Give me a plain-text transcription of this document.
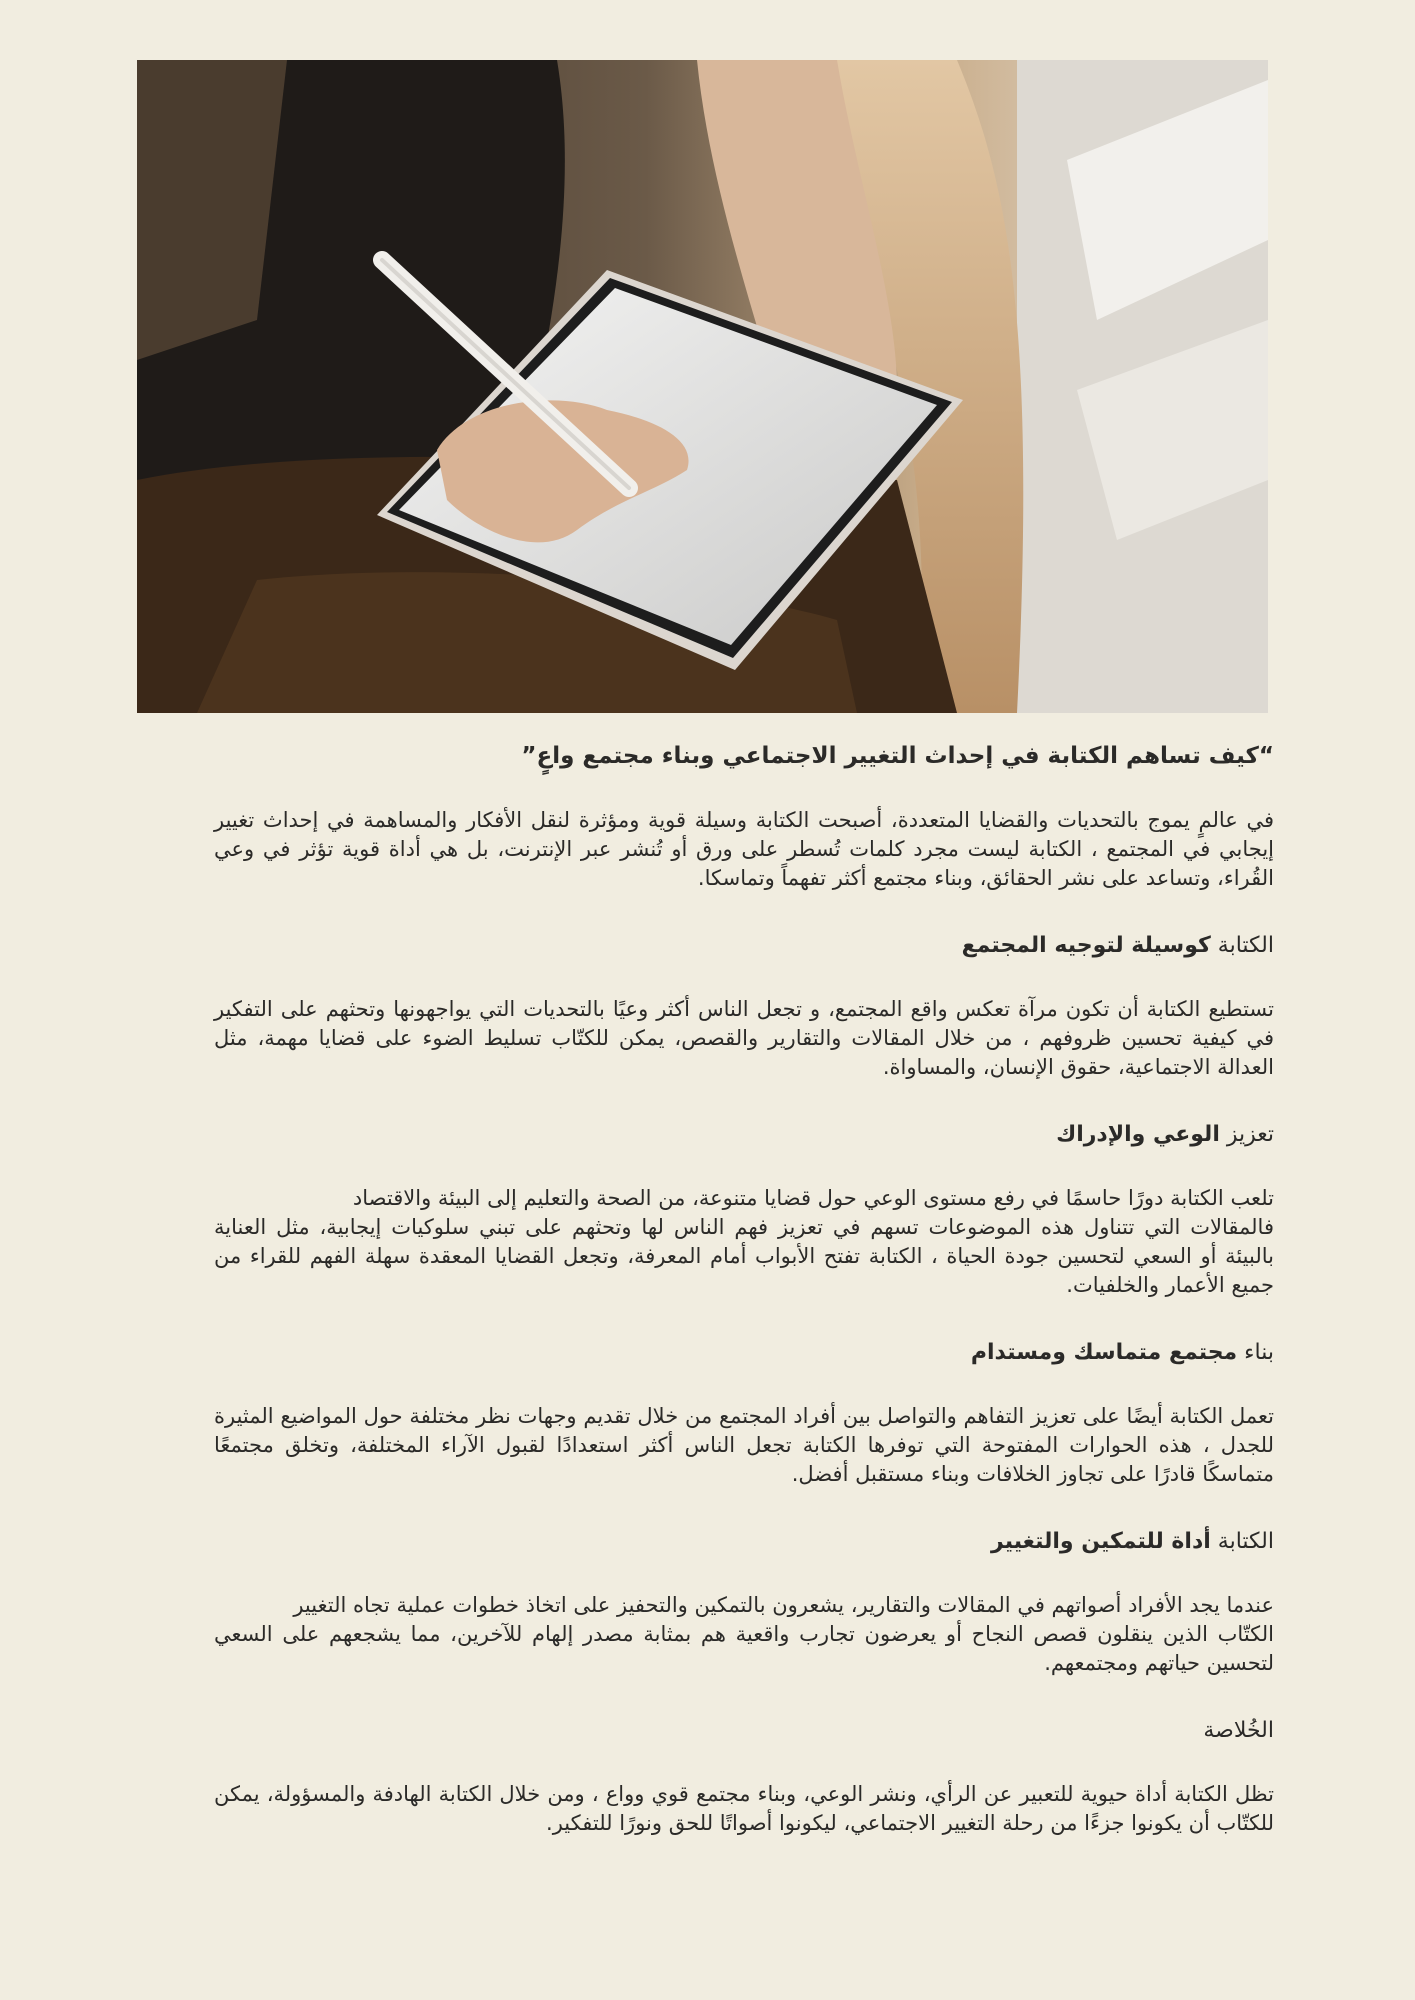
“كيف تساهم الكتابة في إحداث التغيير الاجتماعي وبناء مجتمع واعٍ”

في عالمٍ يموج بالتحديات والقضايا المتعددة، أصبحت الكتابة وسيلة قوية ومؤثرة لنقل الأفكار والمساهمة في إحداث تغيير إيجابي في المجتمع ، الكتابة ليست مجرد كلمات تُسطر على ورق أو تُنشر عبر الإنترنت، بل هي أداة قوية تؤثر في وعي القُراء، وتساعد على نشر الحقائق، وبناء مجتمع أكثر تفهماً وتماسكا.

الكتابة كوسيلة لتوجيه المجتمع

تستطيع الكتابة أن تكون مرآة تعكس واقع المجتمع، و تجعل الناس أكثر وعيًا بالتحديات التي يواجهونها وتحثهم على التفكير في كيفية تحسين ظروفهم ، من خلال المقالات والتقارير والقصص، يمكن للكتّاب تسليط الضوء على قضايا مهمة، مثل العدالة الاجتماعية، حقوق الإنسان، والمساواة.

تعزيز الوعي والإدراك

تلعب الكتابة دورًا حاسمًا في رفع مستوى الوعي حول قضايا متنوعة، من الصحة والتعليم إلى البيئة والاقتصاد

فالمقالات التي تتناول هذه الموضوعات تسهم في تعزيز فهم الناس لها وتحثهم على تبني سلوكيات إيجابية، مثل العناية بالبيئة أو السعي لتحسين جودة الحياة ، الكتابة تفتح الأبواب أمام المعرفة، وتجعل القضايا المعقدة سهلة الفهم للقراء من جميع الأعمار والخلفيات.

بناء مجتمع متماسك ومستدام

تعمل الكتابة أيضًا على تعزيز التفاهم والتواصل بين أفراد المجتمع من خلال تقديم وجهات نظر مختلفة حول المواضيع المثيرة للجدل ، هذه الحوارات المفتوحة التي توفرها الكتابة تجعل الناس أكثر استعدادًا لقبول الآراء المختلفة، وتخلق مجتمعًا متماسكًا قادرًا على تجاوز الخلافات وبناء مستقبل أفضل.

الكتابة أداة للتمكين والتغيير

عندما يجد الأفراد أصواتهم في المقالات والتقارير، يشعرون بالتمكين والتحفيز على اتخاذ خطوات عملية تجاه التغيير

الكتّاب الذين ينقلون قصص النجاح أو يعرضون تجارب واقعية هم بمثابة مصدر إلهام للآخرين، مما يشجعهم على السعي لتحسين حياتهم ومجتمعهم.

الخُلاصة

تظل الكتابة أداة حيوية للتعبير عن الرأي، ونشر الوعي، وبناء مجتمع قوي وواع ، ومن خلال الكتابة الهادفة والمسؤولة، يمكن للكتّاب أن يكونوا جزءًا من رحلة التغيير الاجتماعي، ليكونوا أصواتًا للحق ونورًا للتفكير.
